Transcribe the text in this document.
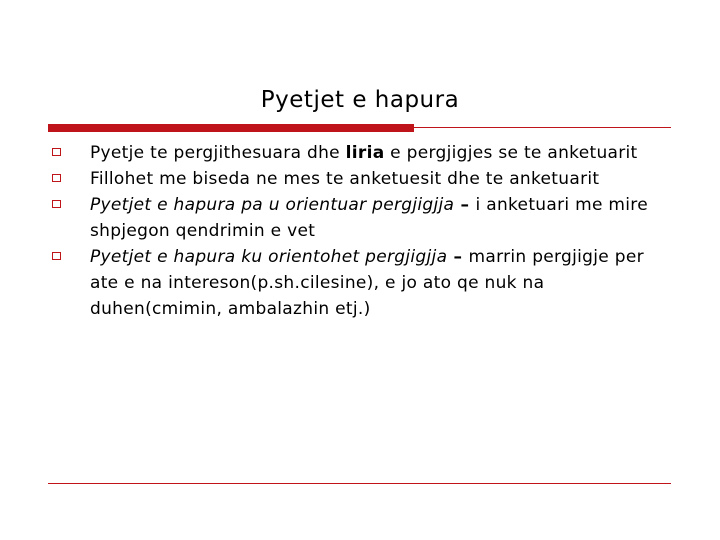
Pyetjet e hapura
Pyetje te pergjithesuara dhe liria e pergjigjes se te anketuarit
Fillohet me biseda ne mes te anketuesit dhe te anketuarit
Pyetjet e hapura pa u orientuar pergjigjja – i anketuari me mire shpjegon qendrimin e vet
Pyetjet e hapura ku orientohet pergjigjja – marrin pergjigje per ate e na intereson(p.sh.cilesine), e jo ato qe nuk na duhen(cmimin, ambalazhin etj.)
